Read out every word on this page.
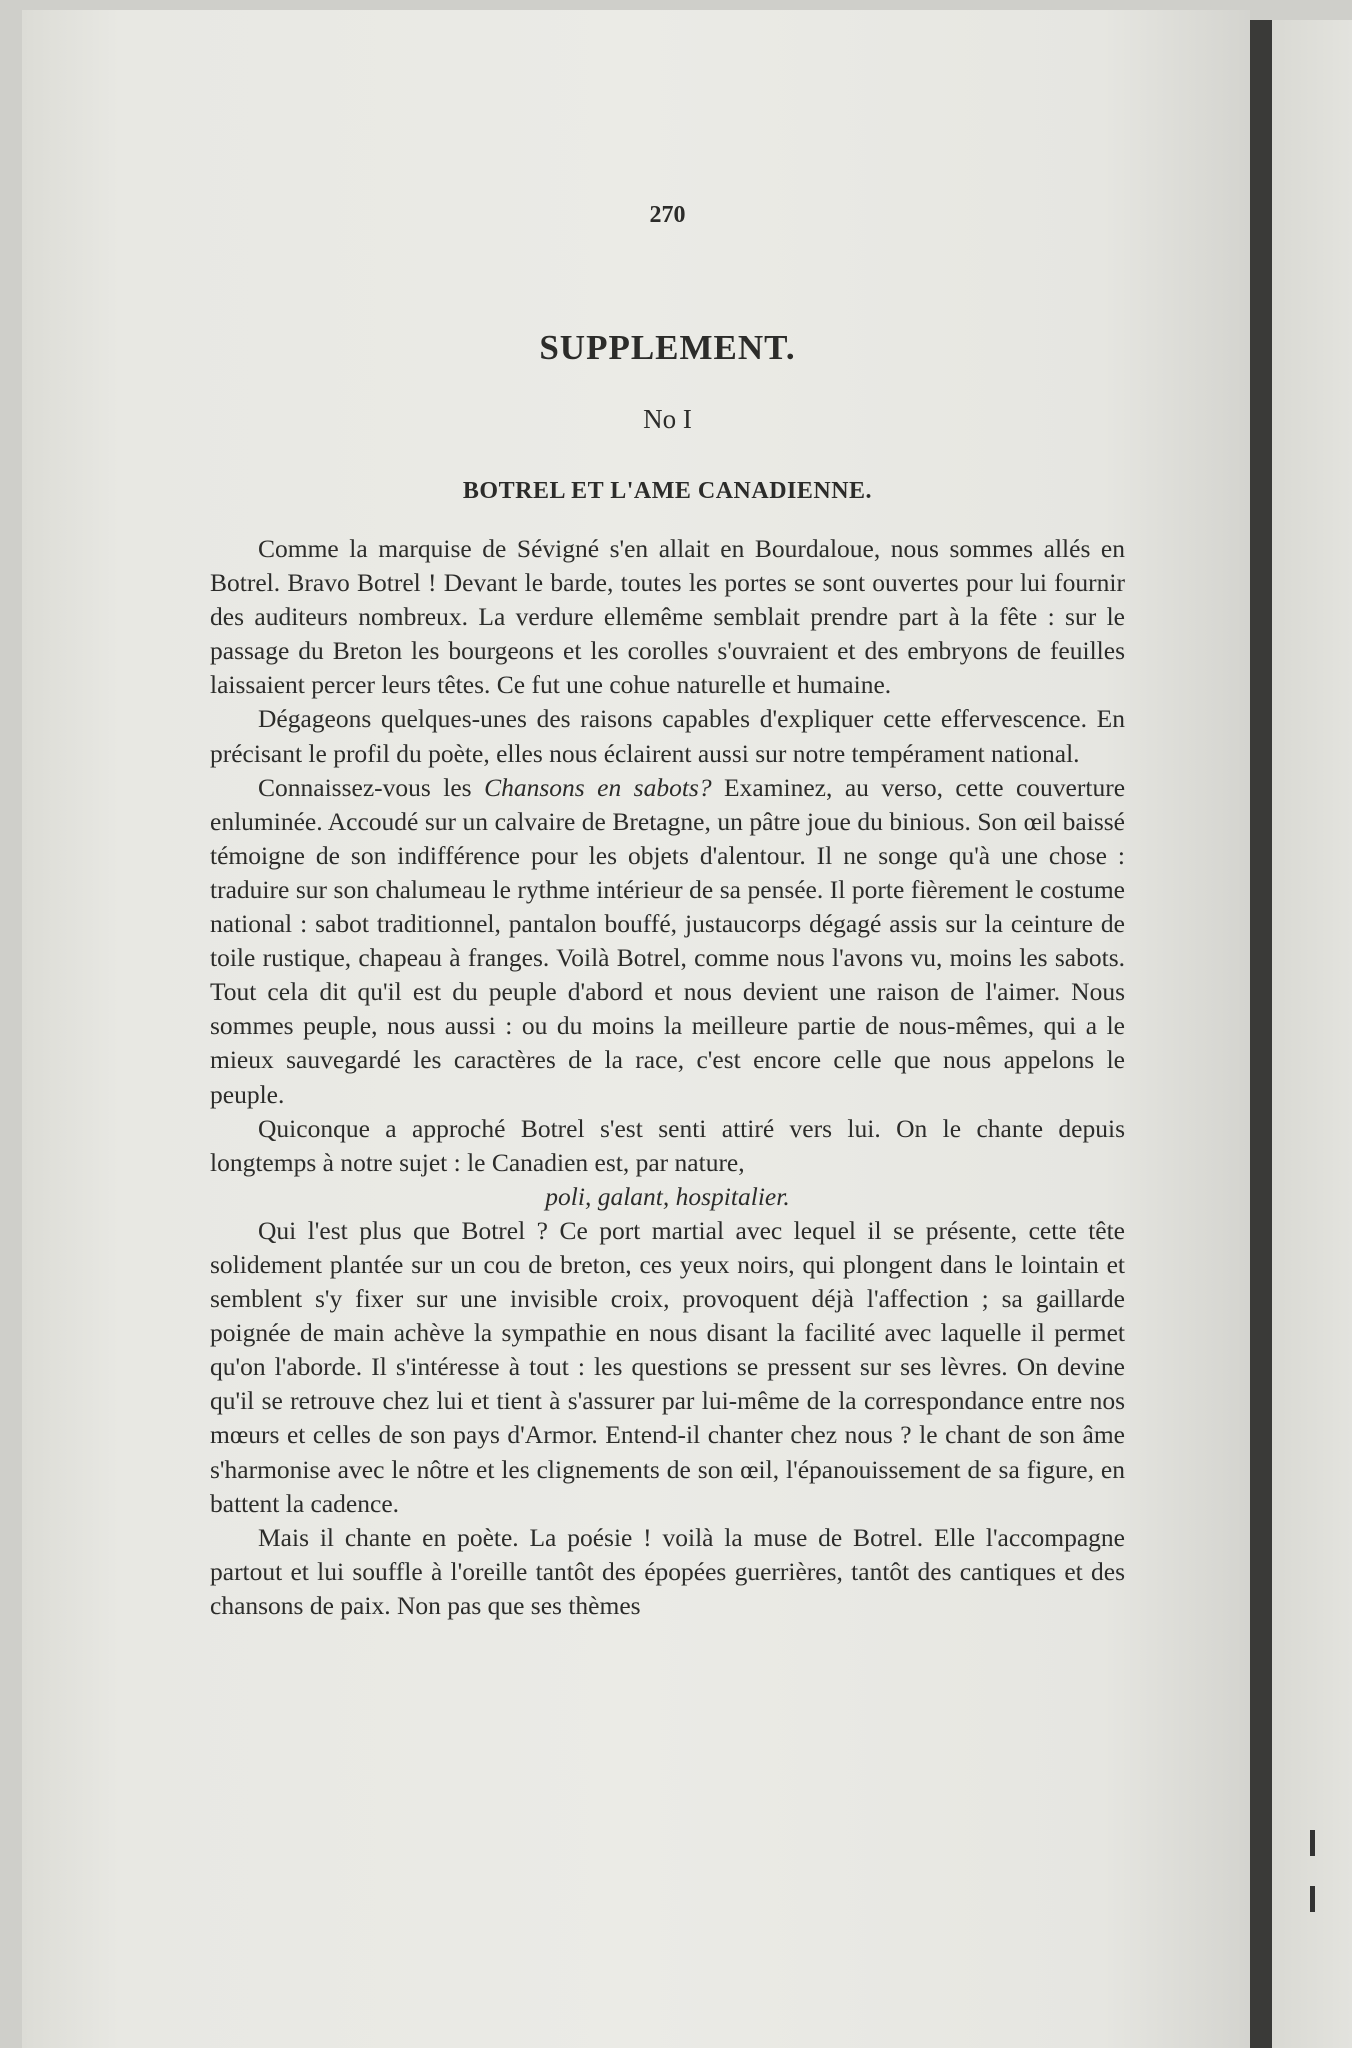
270
SUPPLEMENT.
No I
BOTREL ET L'AME CANADIENNE.

Comme la marquise de Sévigné s'en allait en Bourdaloue, nous sommes allés en Botrel. Bravo Botrel ! Devant le barde, toutes les portes se sont ouvertes pour lui fournir des auditeurs nombreux. La verdure ellemême semblait prendre part à la fête : sur le passage du Breton les bourgeons et les corolles s'ouvraient et des embryons de feuilles laissaient percer leurs têtes. Ce fut une cohue naturelle et humaine.

Dégageons quelques-unes des raisons capables d'expliquer cette effervescence. En précisant le profil du poète, elles nous éclairent aussi sur notre tempérament national.

Connaissez-vous les Chansons en sabots? Examinez, au verso, cette couverture enluminée. Accoudé sur un calvaire de Bretagne, un pâtre joue du binious. Son œil baissé témoigne de son indifférence pour les objets d'alentour. Il ne songe qu'à une chose : traduire sur son chalumeau le rythme intérieur de sa pensée. Il porte fièrement le costume national : sabot traditionnel, pantalon bouffé, justaucorps dégagé assis sur la ceinture de toile rustique, chapeau à franges. Voilà Botrel, comme nous l'avons vu, moins les sabots. Tout cela dit qu'il est du peuple d'abord et nous devient une raison de l'aimer. Nous sommes peuple, nous aussi : ou du moins la meilleure partie de nous-mêmes, qui a le mieux sauvegardé les caractères de la race, c'est encore celle que nous appelons le peuple.

Quiconque a approché Botrel s'est senti attiré vers lui. On le chante depuis longtemps à notre sujet : le Canadien est, par nature,

poli, galant, hospitalier.

Qui l'est plus que Botrel ? Ce port martial avec lequel il se présente, cette tête solidement plantée sur un cou de breton, ces yeux noirs, qui plongent dans le lointain et semblent s'y fixer sur une invisible croix, provoquent déjà l'affection ; sa gaillarde poignée de main achève la sympathie en nous disant la facilité avec laquelle il permet qu'on l'aborde. Il s'intéresse à tout : les questions se pressent sur ses lèvres. On devine qu'il se retrouve chez lui et tient à s'assurer par lui-même de la correspondance entre nos mœurs et celles de son pays d'Armor. Entend-il chanter chez nous ? le chant de son âme s'harmonise avec le nôtre et les clignements de son œil, l'épanouissement de sa figure, en battent la cadence.

Mais il chante en poète. La poésie ! voilà la muse de Botrel. Elle l'accompagne partout et lui souffle à l'oreille tantôt des épopées guerrières, tantôt des cantiques et des chansons de paix. Non pas que ses thèmes
